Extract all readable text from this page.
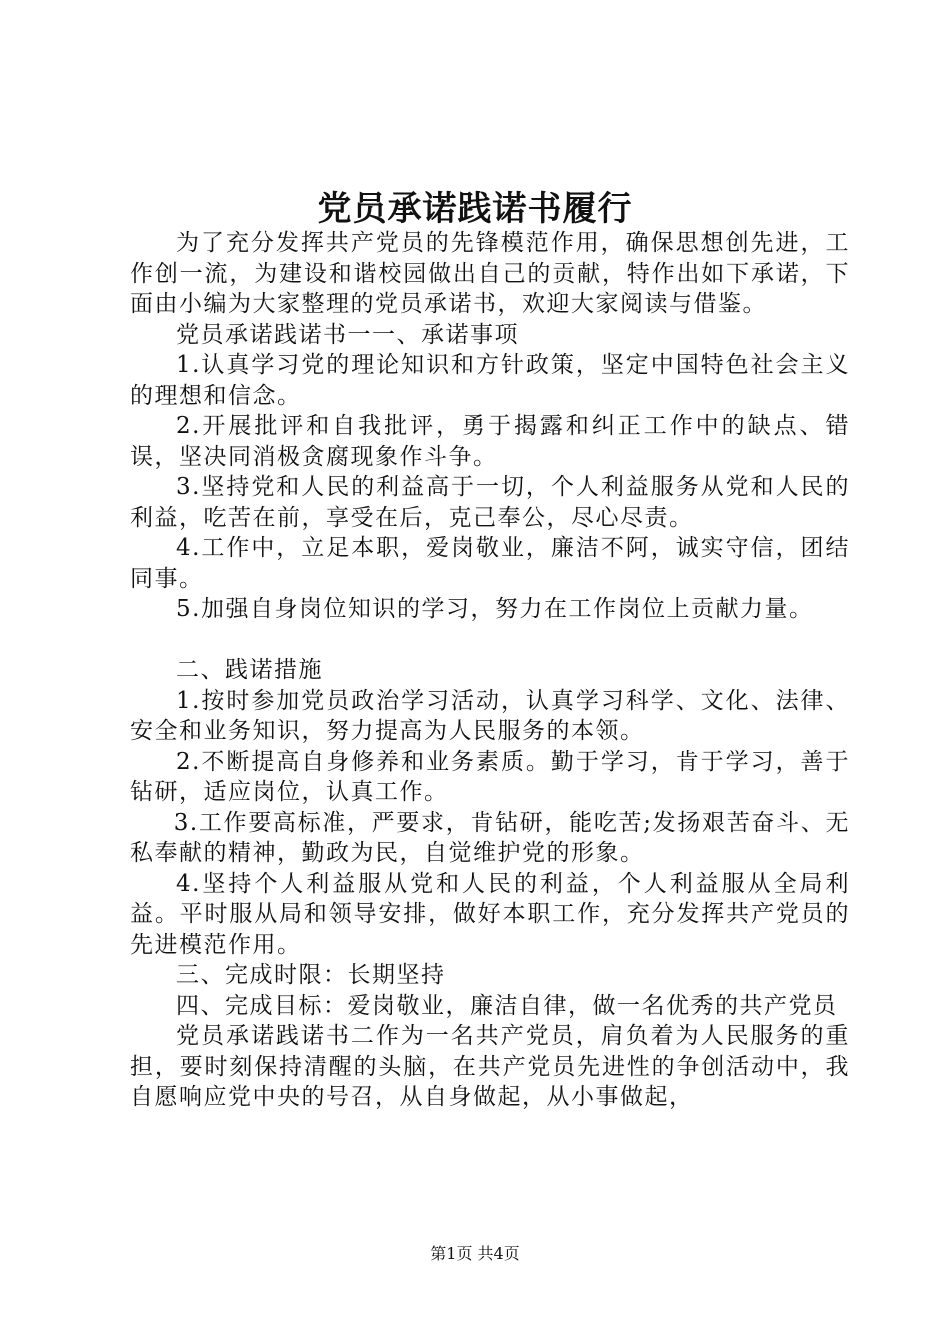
党员承诺践诺书履行

为了充分发挥共产党员的先锋模范作用，确保思想创先进，工作创一流，为建设和谐校园做出自己的贡献，特作出如下承诺，下面由小编为大家整理的党员承诺书，欢迎大家阅读与借鉴。

党员承诺践诺书一一、承诺事项

1.认真学习党的理论知识和方针政策，坚定中国特色社会主义的理想和信念。

2.开展批评和自我批评，勇于揭露和纠正工作中的缺点、错误，坚决同消极贪腐现象作斗争。

3.坚持党和人民的利益高于一切，个人利益服务从党和人民的利益，吃苦在前，享受在后，克己奉公，尽心尽责。

4.工作中，立足本职，爱岗敬业，廉洁不阿，诚实守信，团结同事。

5.加强自身岗位知识的学习，努力在工作岗位上贡献力量。

二、践诺措施

1.按时参加党员政治学习活动，认真学习科学、文化、法律、安全和业务知识，努力提高为人民服务的本领。

2.不断提高自身修养和业务素质。勤于学习，肯于学习，善于钻研，适应岗位，认真工作。

3.工作要高标准，严要求，肯钻研，能吃苦;发扬艰苦奋斗、无私奉献的精神，勤政为民，自觉维护党的形象。

4.坚持个人利益服从党和人民的利益，个人利益服从全局利益。平时服从局和领导安排，做好本职工作，充分发挥共产党员的先进模范作用。

三、完成时限：长期坚持

四、完成目标：爱岗敬业，廉洁自律，做一名优秀的共产党员

党员承诺践诺书二作为一名共产党员，肩负着为人民服务的重担，要时刻保持清醒的头脑，在共产党员先进性的争创活动中，我自愿响应党中央的号召，从自身做起，从小事做起，

第1页 共4页
